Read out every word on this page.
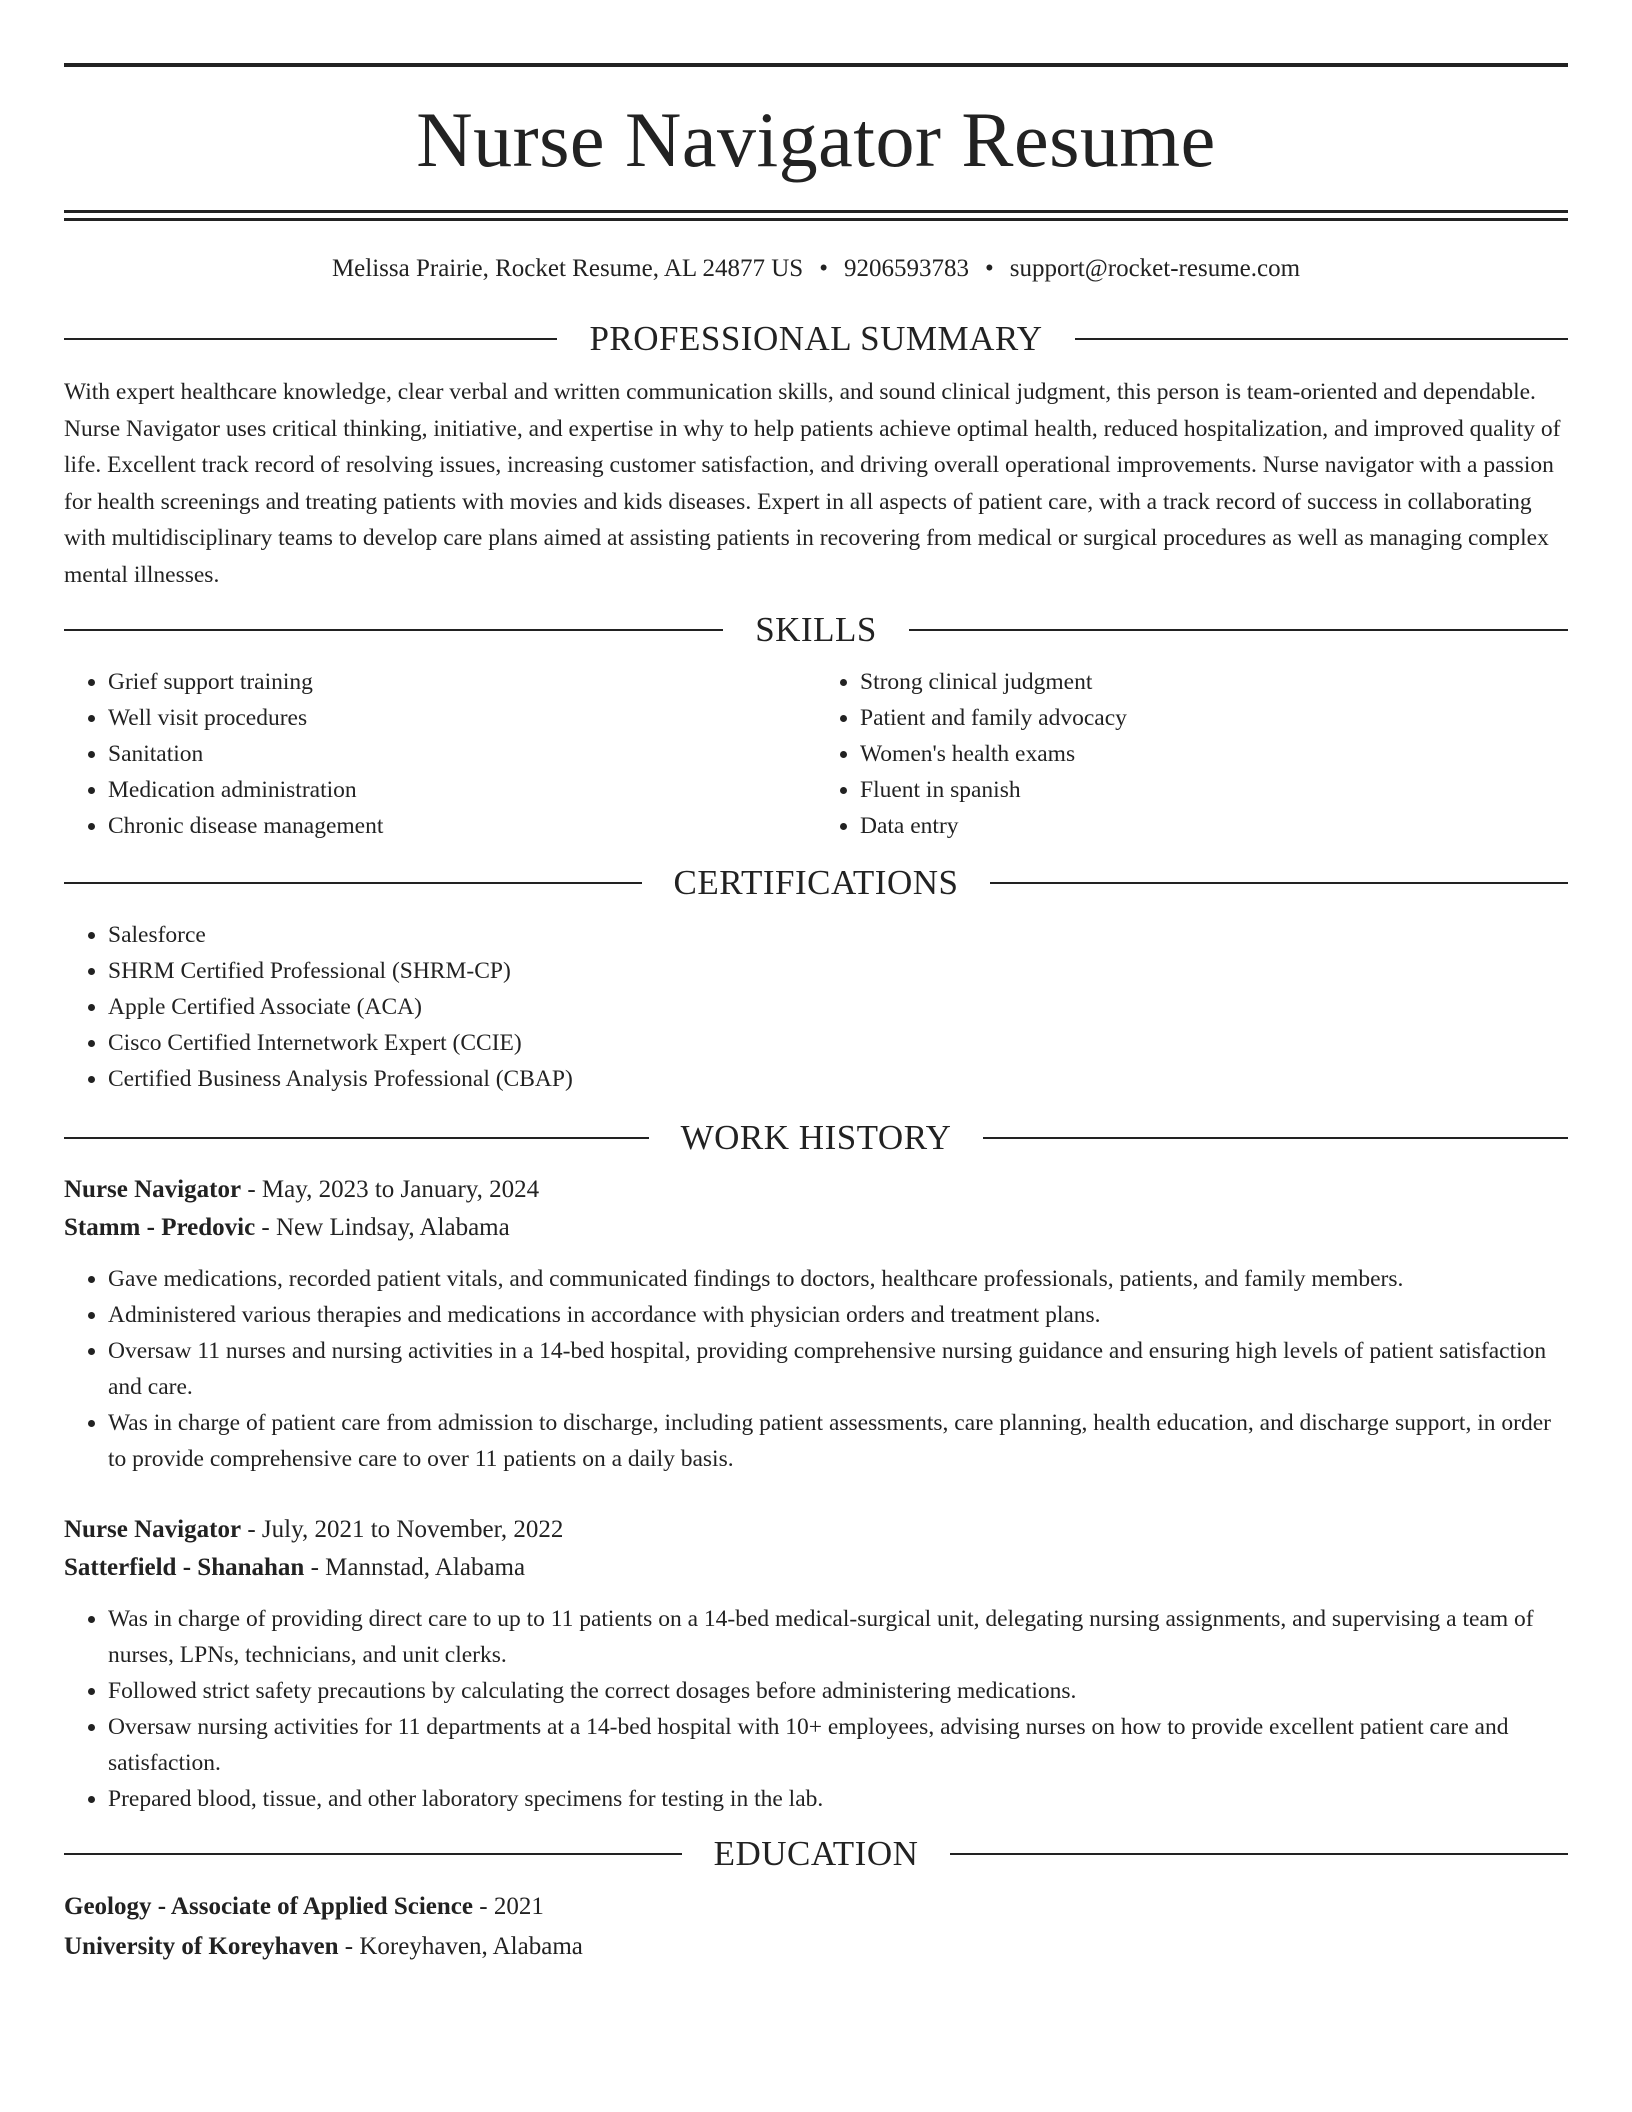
Nurse Navigator Resume
Melissa Prairie, Rocket Resume, AL 24877 US • 9206593783 • support@rocket-resume.com
PROFESSIONAL SUMMARY

With expert healthcare knowledge, clear verbal and written communication skills, and sound clinical judgment, this person is team-oriented and dependable. Nurse Navigator uses critical thinking, initiative, and expertise in why to help patients achieve optimal health, reduced hospitalization, and improved quality of life. Excellent track record of resolving issues, increasing customer satisfaction, and driving overall operational improvements. Nurse navigator with a passion for health screenings and treating patients with movies and kids diseases. Expert in all aspects of patient care, with a track record of success in collaborating with multidisciplinary teams to develop care plans aimed at assisting patients in recovering from medical or surgical procedures as well as managing complex mental illnesses.

SKILLS
• Grief support training
• Well visit procedures
• Sanitation
• Medication administration
• Chronic disease management
• Strong clinical judgment
• Patient and family advocacy
• Women's health exams
• Fluent in spanish
• Data entry
CERTIFICATIONS
• Salesforce
• SHRM Certified Professional (SHRM-CP)
• Apple Certified Associate (ACA)
• Cisco Certified Internetwork Expert (CCIE)
• Certified Business Analysis Professional (CBAP)
WORK HISTORY
Nurse Navigator - May, 2023 to January, 2024
Stamm - Predovic - New Lindsay, Alabama
• Gave medications, recorded patient vitals, and communicated findings to doctors, healthcare professionals, patients, and family members.
• Administered various therapies and medications in accordance with physician orders and treatment plans.
• Oversaw 11 nurses and nursing activities in a 14-bed hospital, providing comprehensive nursing guidance and ensuring high levels of patient satisfaction and care.
• Was in charge of patient care from admission to discharge, including patient assessments, care planning, health education, and discharge support, in order to provide comprehensive care to over 11 patients on a daily basis.
Nurse Navigator - July, 2021 to November, 2022
Satterfield - Shanahan - Mannstad, Alabama
• Was in charge of providing direct care to up to 11 patients on a 14-bed medical-surgical unit, delegating nursing assignments, and supervising a team of nurses, LPNs, technicians, and unit clerks.
• Followed strict safety precautions by calculating the correct dosages before administering medications.
• Oversaw nursing activities for 11 departments at a 14-bed hospital with 10+ employees, advising nurses on how to provide excellent patient care and satisfaction.
• Prepared blood, tissue, and other laboratory specimens for testing in the lab.
EDUCATION
Geology - Associate of Applied Science - 2021
University of Koreyhaven - Koreyhaven, Alabama
